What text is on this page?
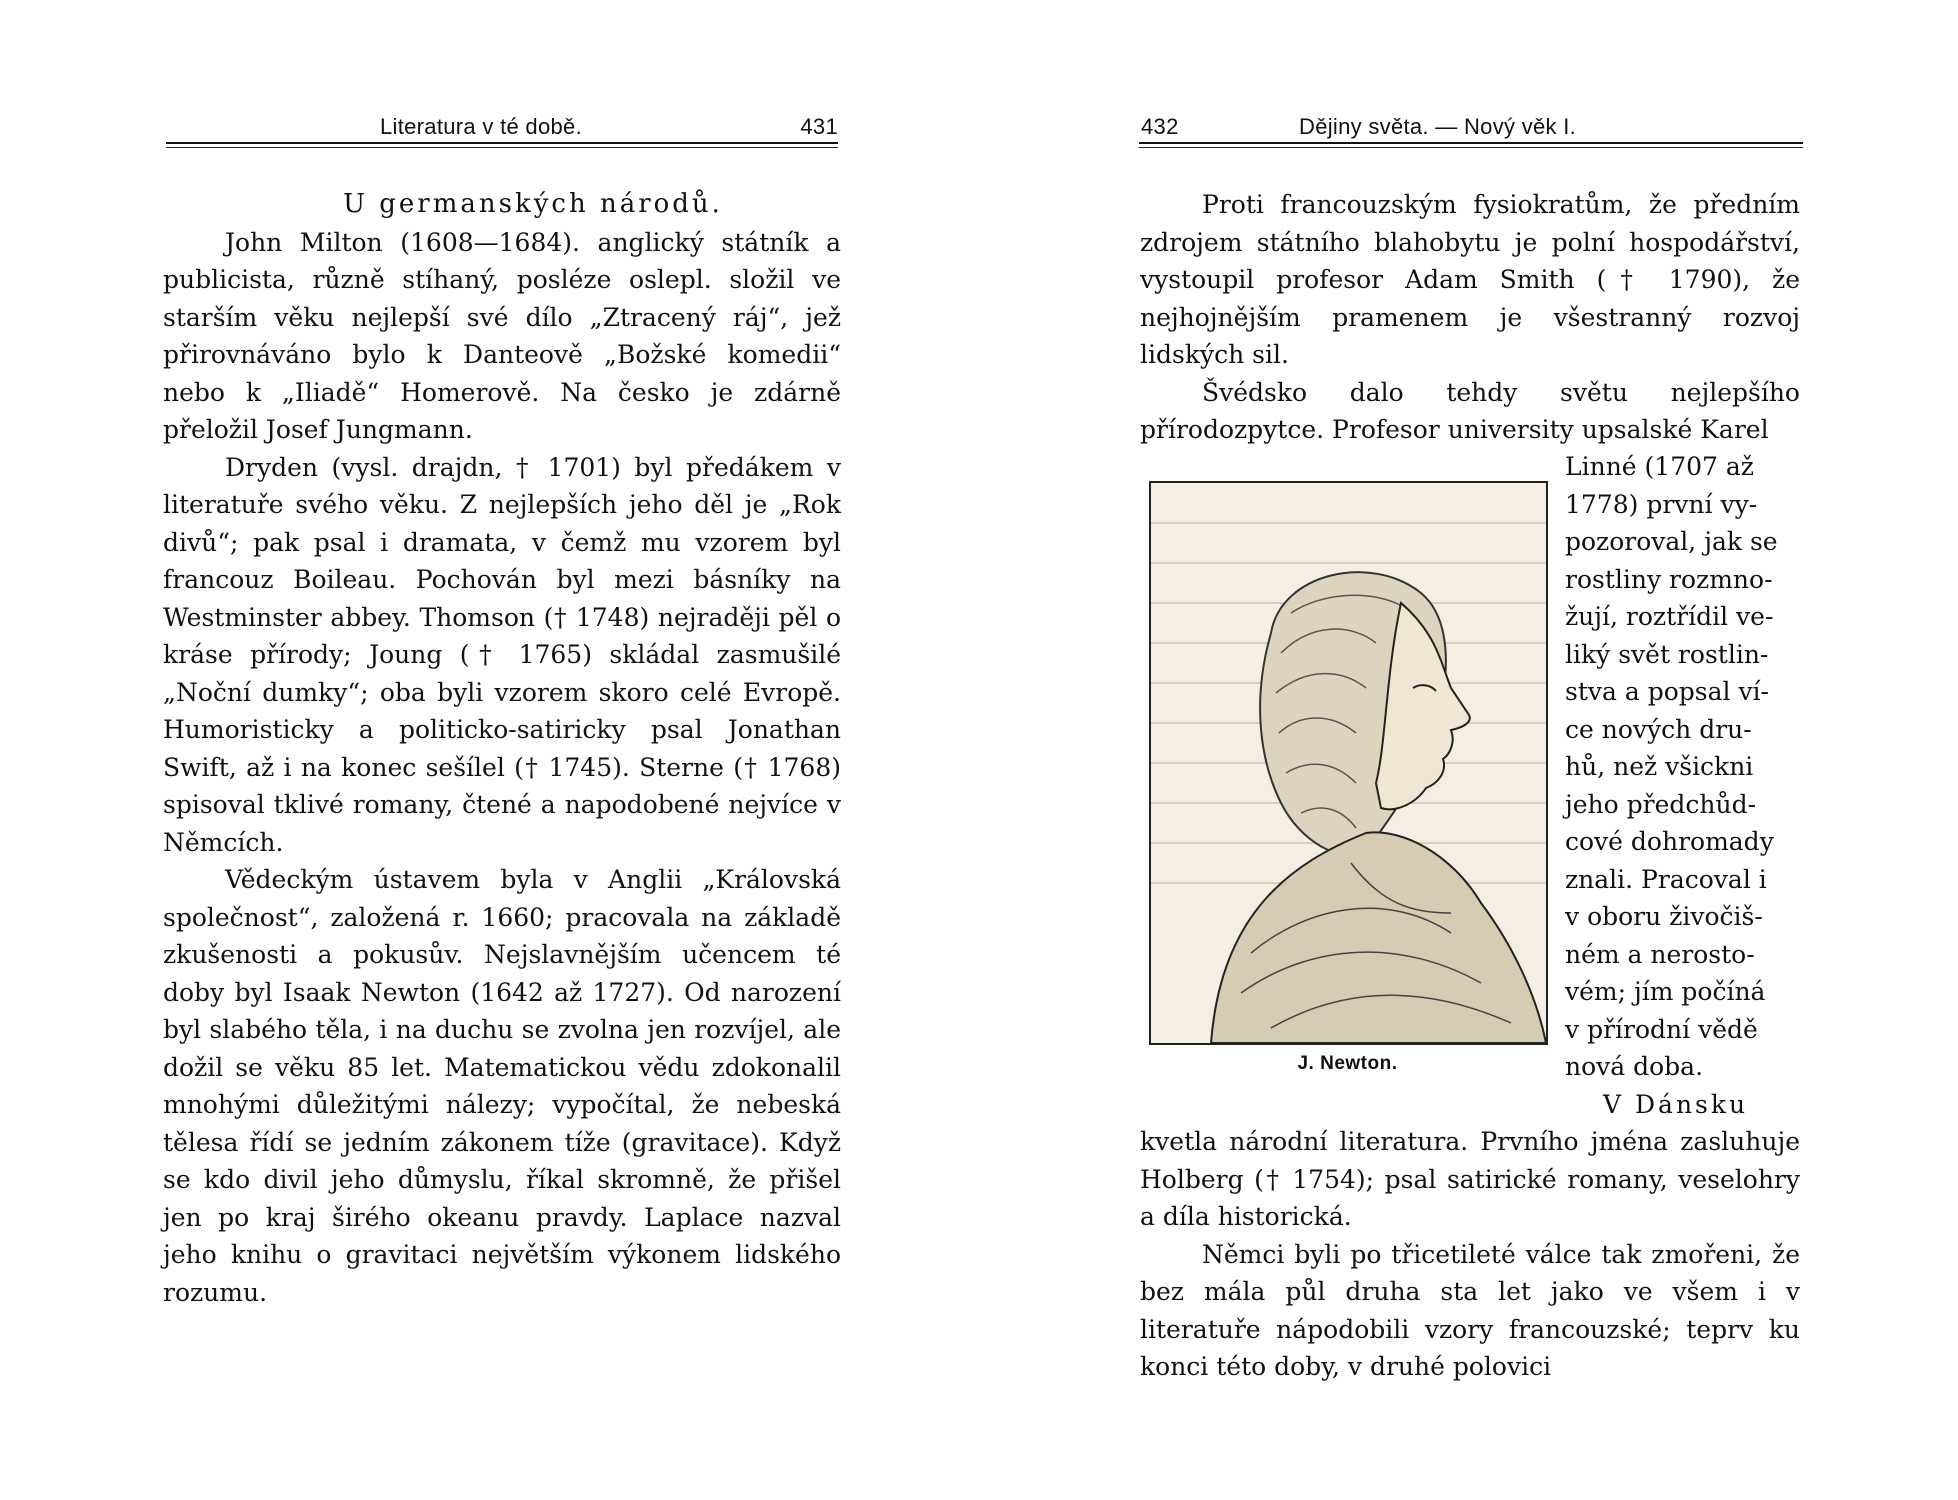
Literatura v té době.	431

U germanských národů.

John Milton (1608—1684). anglický státník a publicista, různě stíhaný, posléze oslepl. složil ve starším věku nejlepší své dílo „Ztracený ráj“, jež přirovnáváno bylo k Danteově „Božské komedii“ nebo k „Iliadě“ Homerově. Na česko je zdárně přeložil Josef Jungmann.

Dryden (vysl. drajdn, † 1701) byl předákem v literatuře svého věku. Z nejlepších jeho děl je „Rok divů“; pak psal i dramata, v čemž mu vzorem byl francouz Boileau. Pochován byl mezi básníky na Westminster abbey. Thomson († 1748) nejraději pěl o kráse přírody; Joung († 1765) skládal zasmušilé „Noční dumky“; oba byli vzorem skoro celé Evropě. Humoristicky a politicko-satiricky psal Jonathan Swift, až i na konec sešílel († 1745). Sterne († 1768) spisoval tklivé romany, čtené a napodobené nejvíce v Němcích.

Vědeckým ústavem byla v Anglii „Královská společnost“, založená r. 1660; pracovala na základě zkušenosti a pokusův. Nejslavnějším učencem té doby byl Isaak Newton (1642 až 1727). Od narození byl slabého těla, i na duchu se zvolna jen rozvíjel, ale dožil se věku 85 let. Matematickou vědu zdokonalil mnohými důležitými nálezy; vypočítal, že nebeská tělesa řídí se jedním zákonem tíže (gravitace). Když se kdo divil jeho důmyslu, říkal skromně, že přišel jen po kraj širého okeanu pravdy. Laplace nazval jeho knihu o gravitaci největším výkonem lidského rozumu.

432	Dějiny světa. — Nový věk I.

Proti francouzským fysiokratům, že předním zdrojem státního blahobytu je polní hospodářství, vystoupil profesor Adam Smith († 1790), že nejhojnějším pramenem je všestranný rozvoj lidských sil.

Švédsko dalo tehdy světu nejlepšího přírodozpytce. Profesor university upsalské Karel

Linné (1707 až
1778) první vy-
pozoroval, jak se
rostliny rozmno-
žují, roztřídil ve-
liký svět rostlin-
stva a popsal ví-
ce nových dru-
hů, než všickni
jeho předchůd-
cové dohromady
znali. Pracoval i
v oboru živočiš-
ném a nerosto-
vém; jím počíná
v přírodní vědě
nová doba.
V Dánsku

kvetla národní literatura. Prvního jména zasluhuje Holberg († 1754); psal satirické romany, veselohry a díla historická.

Němci byli po třicetileté válce tak zmořeni, že bez mála půl druha sta let jako ve všem i v literatuře nápodobili vzory francouzské; teprv ku konci této doby, v druhé polovici

J. Newton.
